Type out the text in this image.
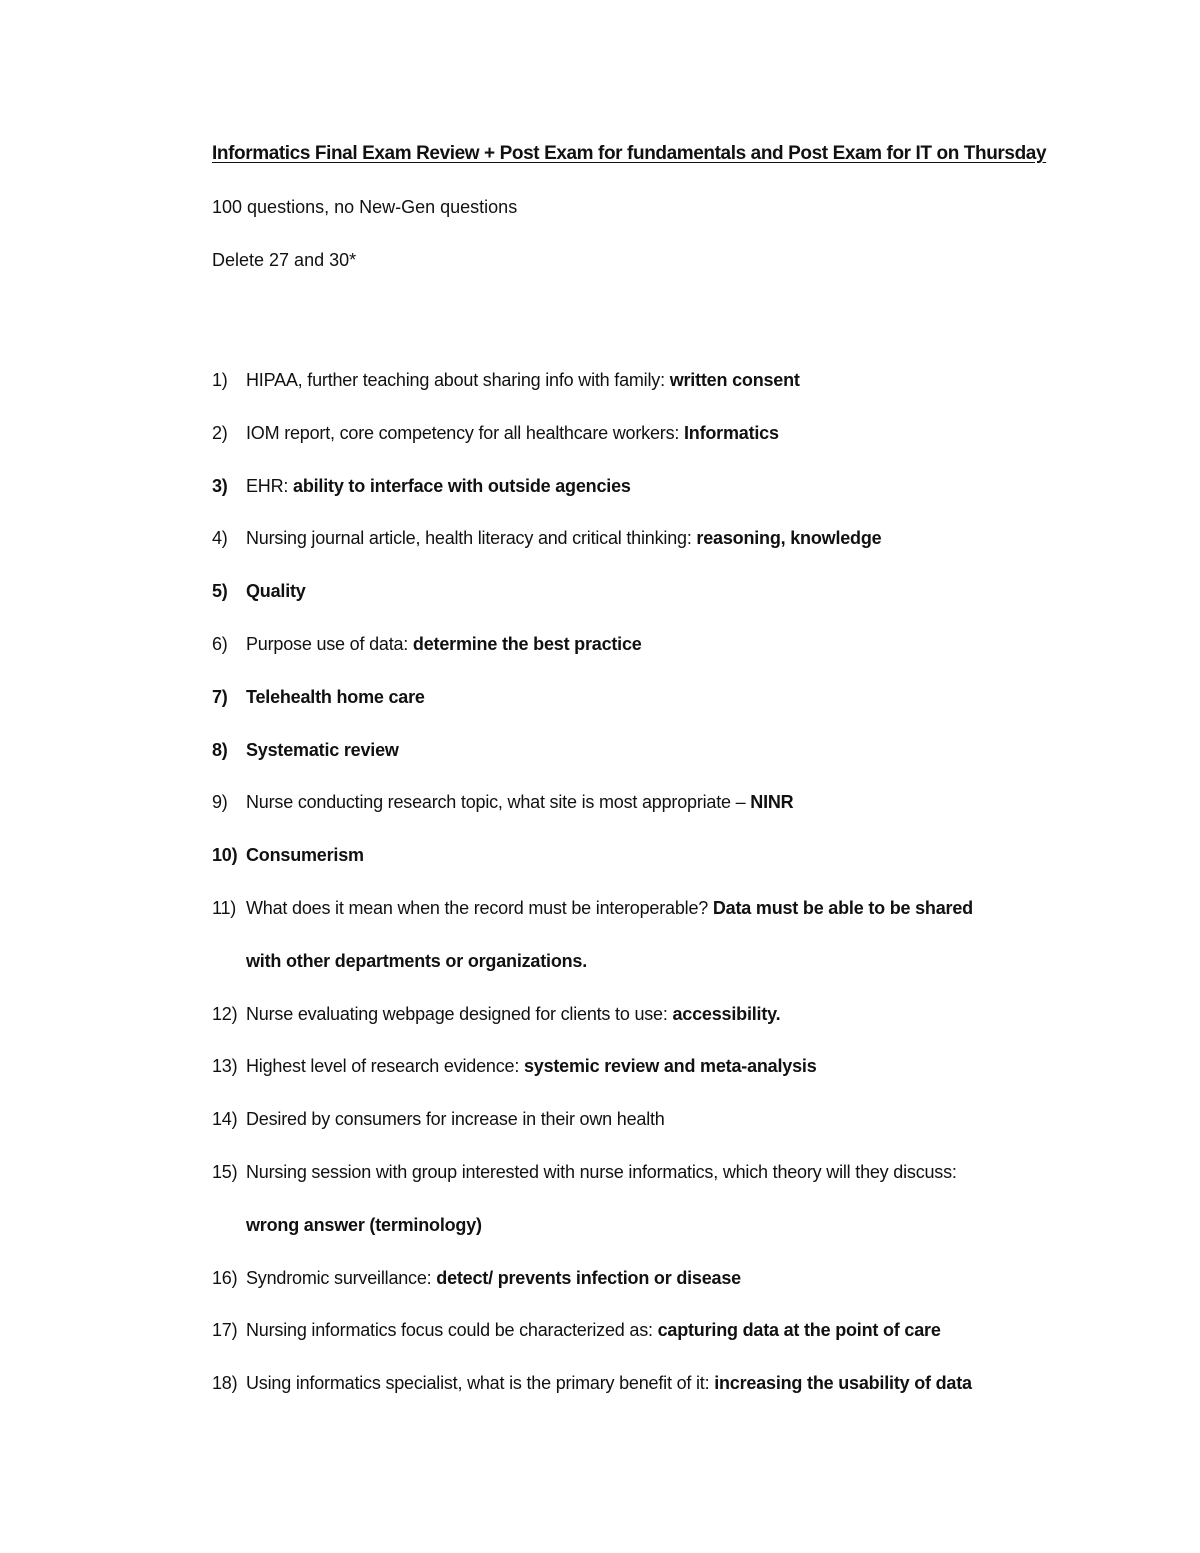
Informatics Final Exam Review + Post Exam for fundamentals and Post Exam for IT on Thursday
100 questions, no New-Gen questions
Delete 27 and 30*
1) HIPAA, further teaching about sharing info with family: written consent
2) IOM report, core competency for all healthcare workers: Informatics
3) EHR: ability to interface with outside agencies
4) Nursing journal article, health literacy and critical thinking: reasoning, knowledge
5) Quality
6) Purpose use of data: determine the best practice
7) Telehealth home care
8) Systematic review
9) Nurse conducting research topic, what site is most appropriate – NINR
10) Consumerism
11) What does it mean when the record must be interoperable? Data must be able to be shared
with other departments or organizations.
12) Nurse evaluating webpage designed for clients to use: accessibility.
13) Highest level of research evidence: systemic review and meta-analysis
14) Desired by consumers for increase in their own health
15) Nursing session with group interested with nurse informatics, which theory will they discuss:
wrong answer (terminology)
16) Syndromic surveillance: detect/ prevents infection or disease
17) Nursing informatics focus could be characterized as: capturing data at the point of care
18) Using informatics specialist, what is the primary benefit of it: increasing the usability of data
